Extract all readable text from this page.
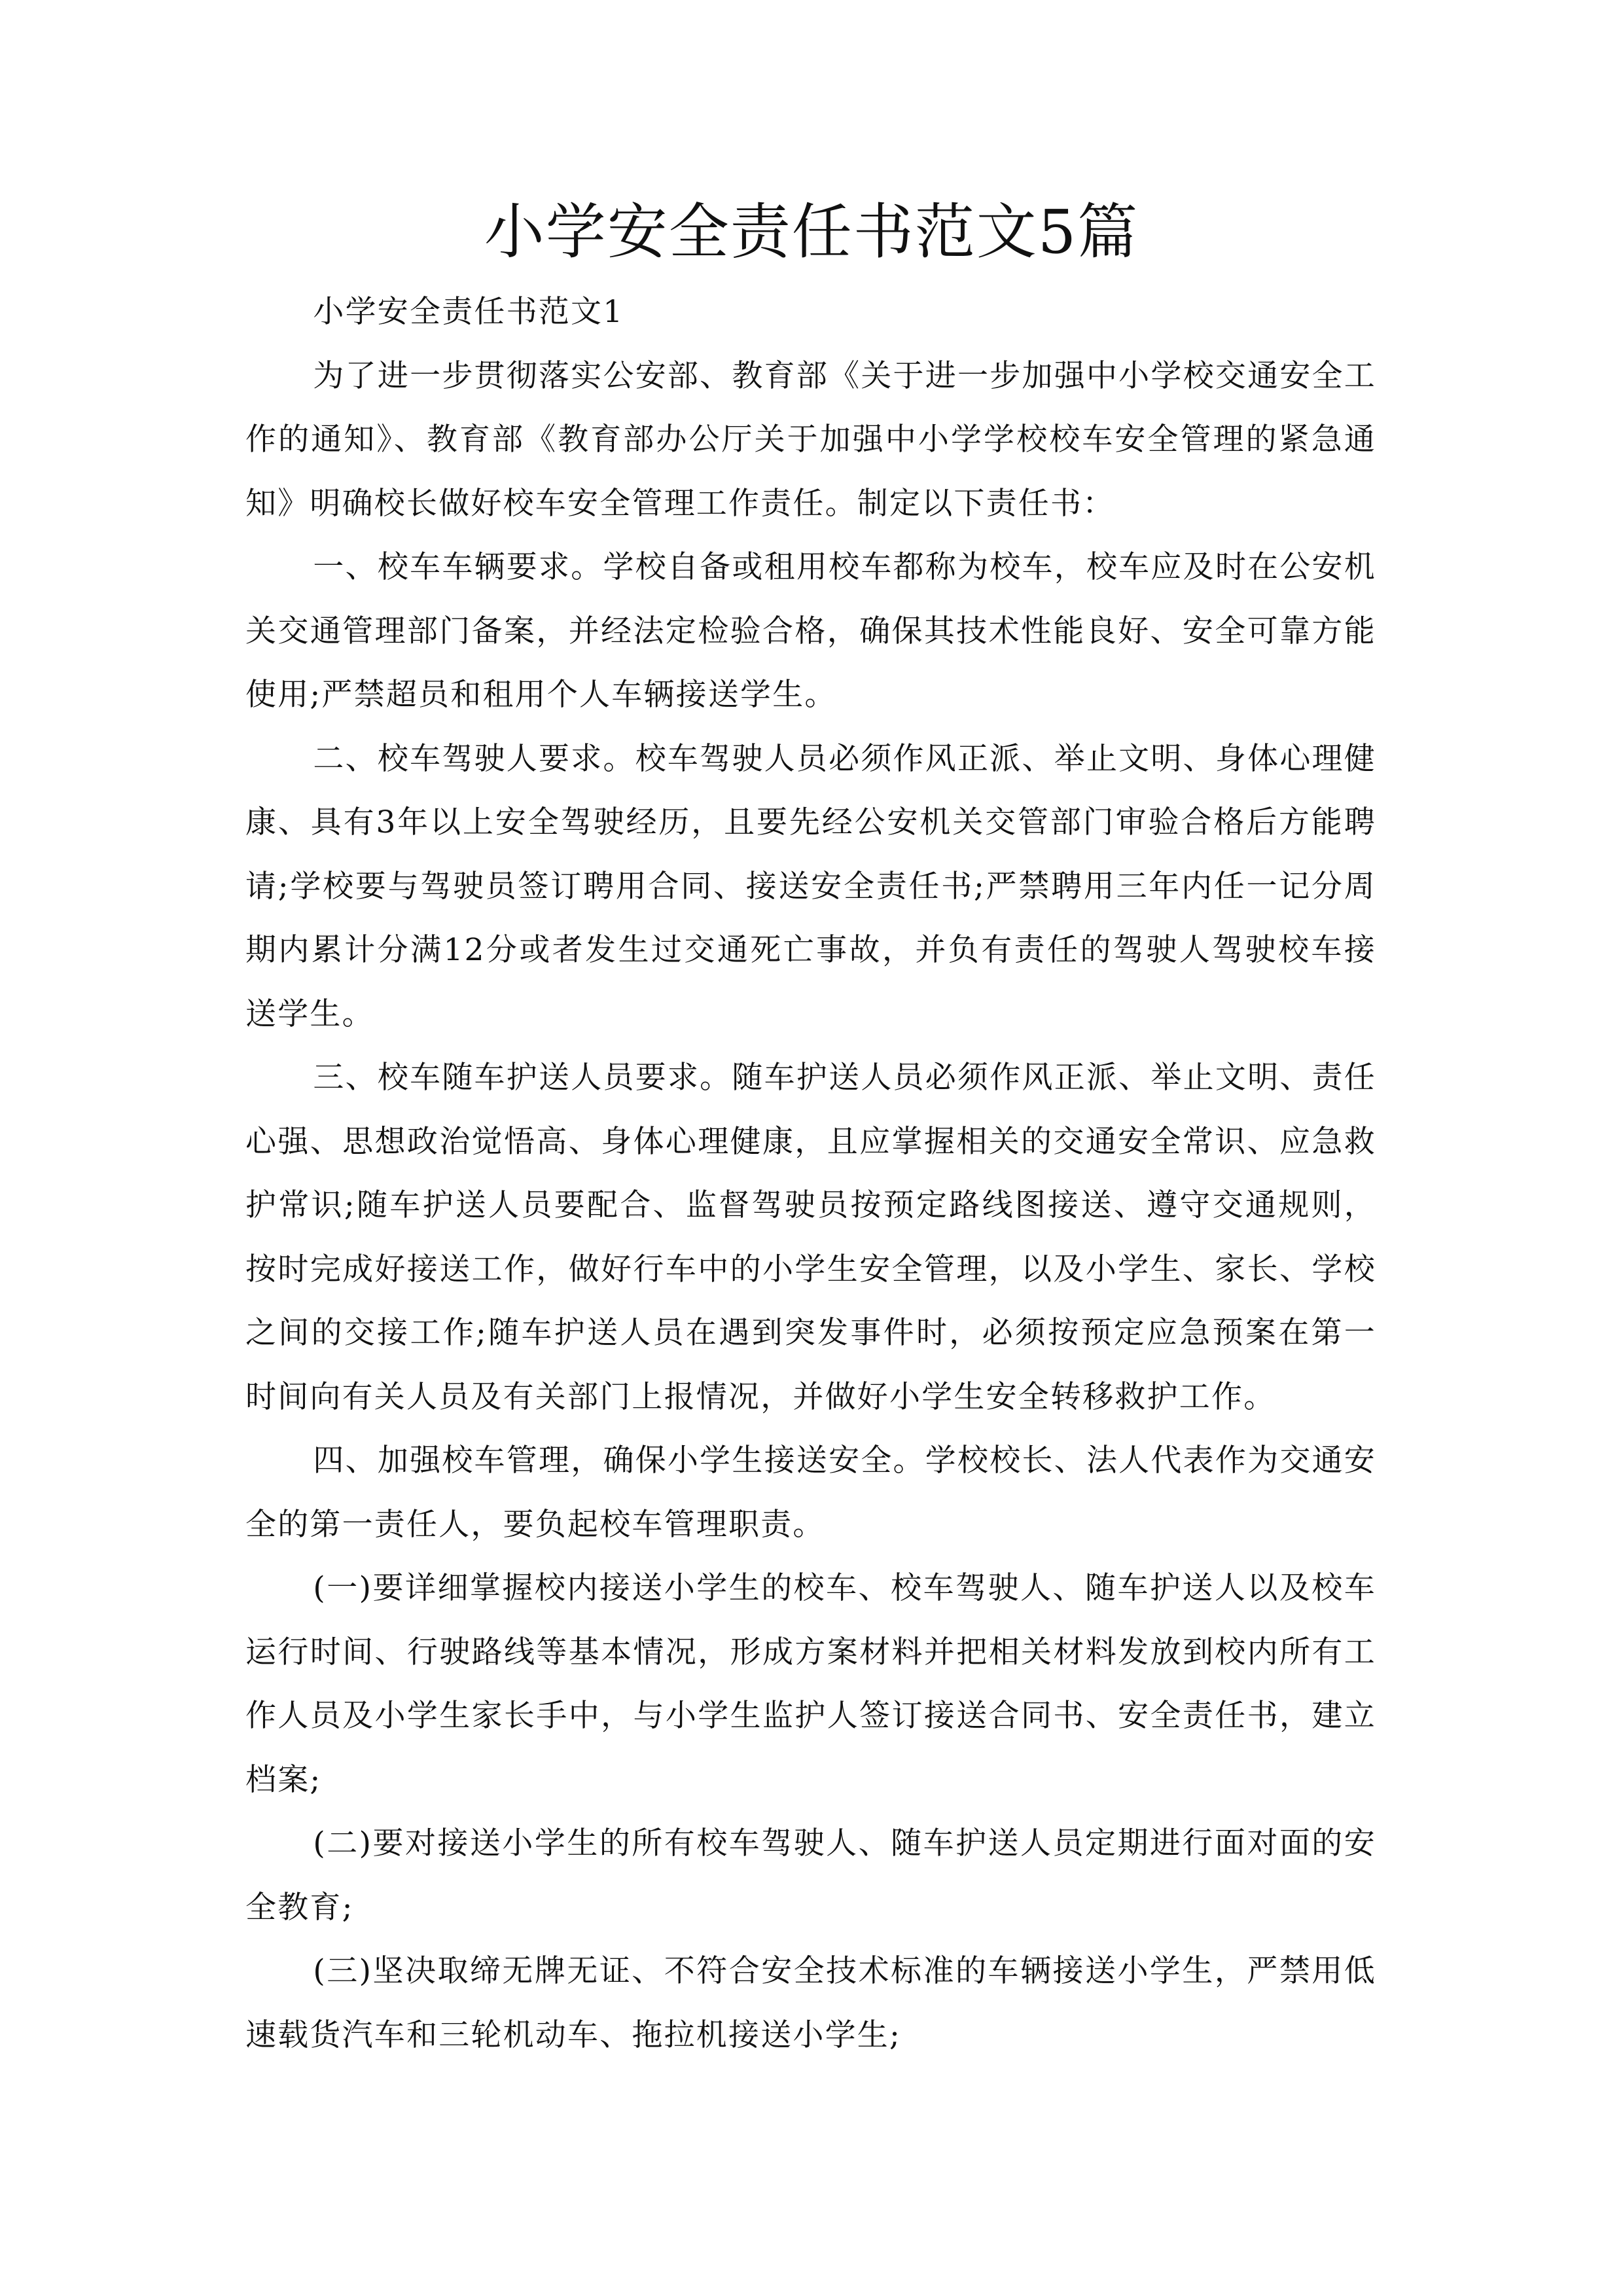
小学安全责任书范文5篇

小学安全责任书范文1

为了进一步贯彻落实公安部、教育部《关于进一步加强中小学校交通安全工作的通知》、教育部《教育部办公厅关于加强中小学学校校车安全管理的紧急通知》明确校长做好校车安全管理工作责任。制定以下责任书：

一、校车车辆要求。学校自备或租用校车都称为校车，校车应及时在公安机关交通管理部门备案，并经法定检验合格，确保其技术性能良好、安全可靠方能使用;严禁超员和租用个人车辆接送学生。

二、校车驾驶人要求。校车驾驶人员必须作风正派、举止文明、身体心理健康、具有3年以上安全驾驶经历，且要先经公安机关交管部门审验合格后方能聘请;学校要与驾驶员签订聘用合同、接送安全责任书;严禁聘用三年内任一记分周期内累计分满12分或者发生过交通死亡事故，并负有责任的驾驶人驾驶校车接送学生。

三、校车随车护送人员要求。随车护送人员必须作风正派、举止文明、责任心强、思想政治觉悟高、身体心理健康，且应掌握相关的交通安全常识、应急救护常识;随车护送人员要配合、监督驾驶员按预定路线图接送、遵守交通规则，按时完成好接送工作，做好行车中的小学生安全管理，以及小学生、家长、学校之间的交接工作;随车护送人员在遇到突发事件时，必须按预定应急预案在第一时间向有关人员及有关部门上报情况，并做好小学生安全转移救护工作。

四、加强校车管理，确保小学生接送安全。学校校长、法人代表作为交通安全的第一责任人，要负起校车管理职责。

(一)要详细掌握校内接送小学生的校车、校车驾驶人、随车护送人以及校车运行时间、行驶路线等基本情况，形成方案材料并把相关材料发放到校内所有工作人员及小学生家长手中，与小学生监护人签订接送合同书、安全责任书，建立档案;

(二)要对接送小学生的所有校车驾驶人、随车护送人员定期进行面对面的安全教育;

(三)坚决取缔无牌无证、不符合安全技术标准的车辆接送小学生，严禁用低速载货汽车和三轮机动车、拖拉机接送小学生;
